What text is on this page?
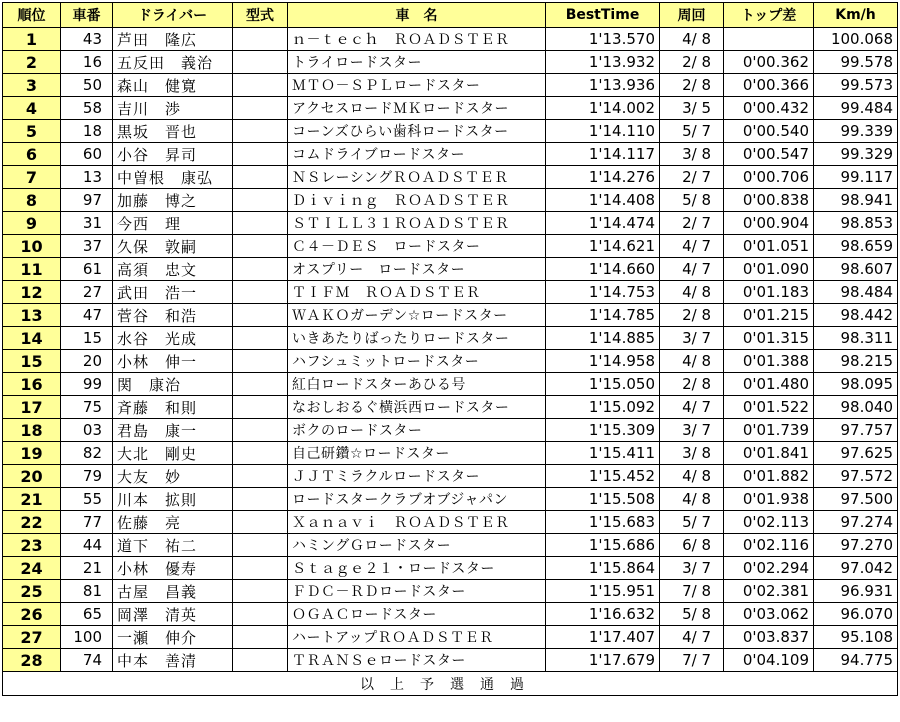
順位	車番	ドライバー	型式	車　名	BestTime	周回	トップ差	Km/h
1	43	芦田　隆広		ｎ－ｔｅｃｈ　ＲＯＡＤＳＴＥＲ	1'13.570	4/ 8		100.068
2	16	五反田　義治		トライロードスター	1'13.932	2/ 8	0'00.362	99.578
3	50	森山　健寛		ＭＴＯ－ＳＰＬロードスター	1'13.936	2/ 8	0'00.366	99.573
4	58	吉川　渉		アクセスロードＭＫロードスター	1'14.002	3/ 5	0'00.432	99.484
5	18	黒坂　晋也		コーンズひらい歯科ロードスター	1'14.110	5/ 7	0'00.540	99.339
6	60	小谷　昇司		コムドライブロードスター	1'14.117	3/ 8	0'00.547	99.329
7	13	中曽根　康弘		ＮＳレーシングＲＯＡＤＳＴＥＲ	1'14.276	2/ 7	0'00.706	99.117
8	97	加藤　博之		Ｄｉｖｉｎｇ　ＲＯＡＤＳＴＥＲ	1'14.408	5/ 8	0'00.838	98.941
9	31	今西　理		ＳＴＩＬＬ３１ＲＯＡＤＳＴＥＲ	1'14.474	2/ 7	0'00.904	98.853
10	37	久保　敦嗣		Ｃ４－ＤＥＳ　ロードスター	1'14.621	4/ 7	0'01.051	98.659
11	61	高須　忠文		オスプリー　ロードスター	1'14.660	4/ 7	0'01.090	98.607
12	27	武田　浩一		ＴＩＦＭ　ＲＯＡＤＳＴＥＲ	1'14.753	4/ 8	0'01.183	98.484
13	47	菅谷　和浩		ＷＡＫＯガーデン☆ロードスター	1'14.785	2/ 8	0'01.215	98.442
14	15	水谷　光成		いきあたりばったりロードスター	1'14.885	3/ 7	0'01.315	98.311
15	20	小林　伸一		ハフシュミットロードスター	1'14.958	4/ 8	0'01.388	98.215
16	99	関　康治		紅白ロードスターあひる号	1'15.050	2/ 8	0'01.480	98.095
17	75	斉藤　和則		なおしおるぐ横浜西ロードスター	1'15.092	4/ 7	0'01.522	98.040
18	03	君島　康一		ボクのロードスター	1'15.309	3/ 7	0'01.739	97.757
19	82	大北　剛史		自己研鑽☆ロードスター	1'15.411	3/ 8	0'01.841	97.625
20	79	大友　妙		ＪＪＴミラクルロードスター	1'15.452	4/ 8	0'01.882	97.572
21	55	川本　拡則		ロードスタークラブオブジャパン	1'15.508	4/ 8	0'01.938	97.500
22	77	佐藤　亮		Ｘａｎａｖｉ　ＲＯＡＤＳＴＥＲ	1'15.683	5/ 7	0'02.113	97.274
23	44	道下　祐二		ハミングＧロードスター	1'15.686	6/ 8	0'02.116	97.270
24	21	小林　優寿		Ｓｔａｇｅ２１・ロードスター	1'15.864	3/ 7	0'02.294	97.042
25	81	古屋　昌義		ＦＤＣ－ＲＤロードスター	1'15.951	7/ 8	0'02.381	96.931
26	65	岡澤　清英		ＯＧＡＣロードスター	1'16.632	5/ 8	0'03.062	96.070
27	100	一瀬　伸介		ハートアップＲＯＡＤＳＴＥＲ	1'17.407	4/ 7	0'03.837	95.108
28	74	中本　善清		ＴＲＡＮＳｅロードスター	1'17.679	7/ 7	0'04.109	94.775
以上予選通過								
